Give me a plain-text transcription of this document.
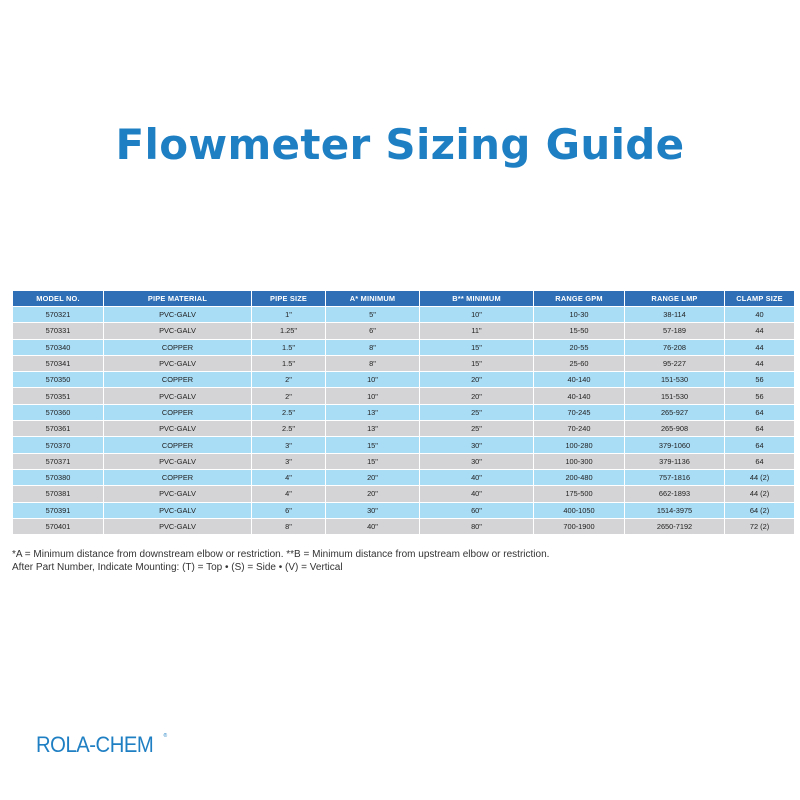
Flowmeter Sizing Guide
MODEL NO.	PIPE MATERIAL	PIPE SIZE	A* MINIMUM	B** MINIMUM	RANGE GPM	RANGE LMP	CLAMP SIZE
570321	PVC-GALV	1"	5"	10"	10-30	38-114	40
570331	PVC-GALV	1.25"	6"	11"	15-50	57-189	44
570340	COPPER	1.5"	8"	15"	20-55	76-208	44
570341	PVC-GALV	1.5"	8"	15"	25-60	95-227	44
570350	COPPER	2"	10"	20"	40-140	151-530	56
570351	PVC-GALV	2"	10"	20"	40-140	151-530	56
570360	COPPER	2.5"	13"	25"	70-245	265-927	64
570361	PVC-GALV	2.5"	13"	25"	70-240	265-908	64
570370	COPPER	3"	15"	30"	100-280	379-1060	64
570371	PVC-GALV	3"	15"	30"	100-300	379-1136	64
570380	COPPER	4"	20"	40"	200-480	757-1816	44 (2)
570381	PVC-GALV	4"	20"	40"	175-500	662-1893	44 (2)
570391	PVC-GALV	6"	30"	60"	400-1050	1514-3975	64 (2)
570401	PVC-GALV	8"	40"	80"	700-1900	2650-7192	72 (2)
*A = Minimum distance from downstream elbow or restriction. **B = Minimum distance from upstream elbow or restriction.
After Part Number, Indicate Mounting: (T) = Top • (S) = Side • (V) = Vertical
ROLA-CHEM ®
